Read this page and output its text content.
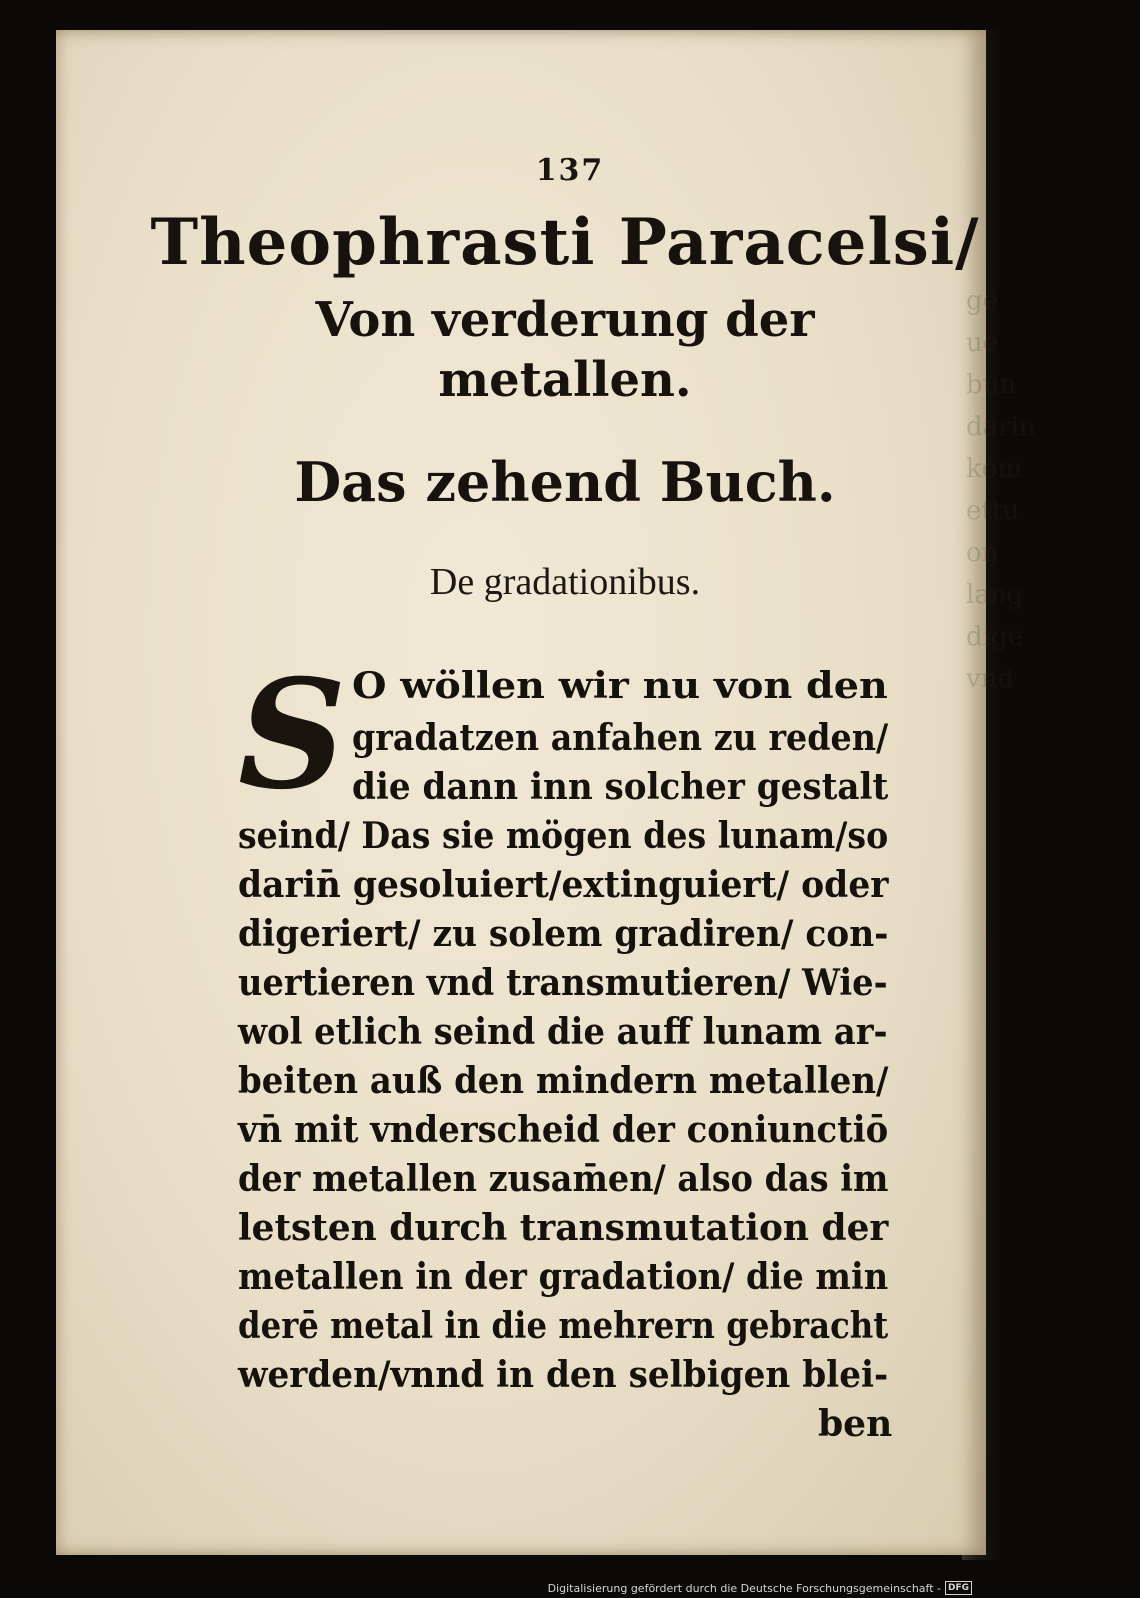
ge
ue
bun
darin
kom
ettu
on
lang
dige
vnd
137
Theophrasti Paracelsi/
Von verderung der
metallen.
Das zehend Buch.
De gradationibus.
S O wöllen wir nu von den
gradatzen anfahen zu reden/
die dann inn solcher gestalt
seind/ Das sie mögen des lunam/so
darin̄ gesoluiert/extinguiert/ oder
digeriert/ zu solem gradiren/ con-
uertieren vnd transmutieren/ Wie-
wol etlich seind die auff lunam ar-
beiten auß den mindern metallen/
vn̄ mit vnderscheid der coniunctiō
der metallen zusam̄en/ also das im
letsten durch transmutation der
metallen in der gradation/ die min
derē metal in die mehrern gebracht
werden/vnnd in den selbigen blei-
ben
Digitalisierung gefördert durch die Deutsche Forschungsgemeinschaft - DFG
